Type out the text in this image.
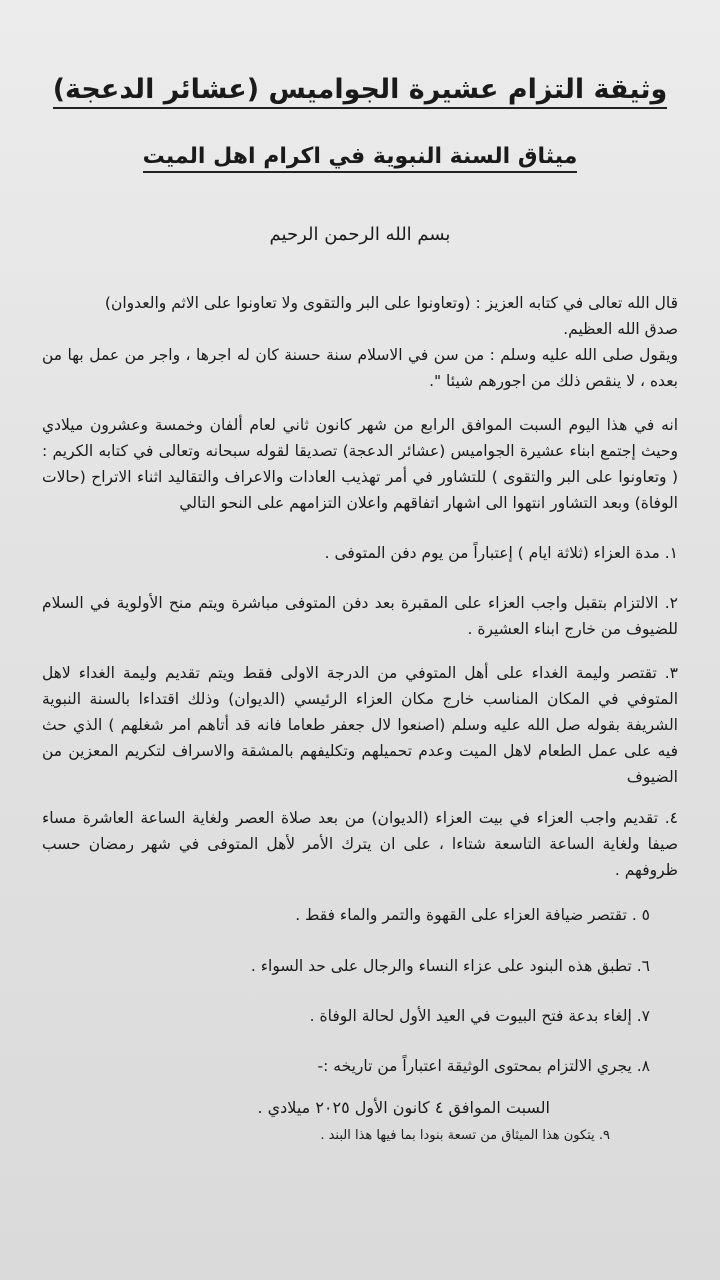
وثيقة التزام عشيرة الجواميس (عشائر الدعجة)
ميثاق السنة النبوية في اكرام اهل الميت
بسم الله الرحمن الرحيم

قال الله تعالى في كتابه العزيز : (وتعاونوا على البر والتقوى ولا تعاونوا على الاثم والعدوان)

صدق الله العظيم.

ويقول صلى الله عليه وسلم : من سن في الاسلام سنة حسنة كان له اجرها ، واجر من عمل بها من بعده ، لا ينقص ذلك من اجورهم شيئا ".

انه في هذا اليوم السبت الموافق الرابع من شهر كانون ثاني لعام ألفان وخمسة وعشرون ميلادي وحيث إجتمع ابناء عشيرة الجواميس (عشائر الدعجة) تصديقا لقوله سبحانه وتعالى في كتابه الكريم : ( وتعاونوا على البر والتقوى ) للتشاور في أمر تهذيب العادات والاعراف والتقاليد اثناء الاتراح (حالات الوفاة) وبعد التشاور انتهوا الى اشهار اتفاقهم واعلان التزامهم على النحو التالي
١. مدة العزاء (ثلاثة ايام ) إعتباراً من يوم دفن المتوفى .
٢. الالتزام بتقبل واجب العزاء على المقبرة بعد دفن المتوفى مباشرة ويتم منح الأولوية في السلام للضيوف من خارج ابناء العشيرة .
٣. تقتصر وليمة الغداء على أهل المتوفي من الدرجة الاولى فقط ويتم تقديم وليمة الغداء لاهل المتوفي في المكان المناسب خارج مكان العزاء الرئيسي (الديوان) وذلك اقتداءا بالسنة النبوية الشريفة بقوله صل الله عليه وسلم (اصنعوا لال جعفر طعاما فانه قد أتاهم امر شغلهم ) الذي حث فيه على عمل الطعام لاهل الميت وعدم تحميلهم وتكليفهم بالمشقة والاسراف لتكريم المعزين من الضيوف
٤. تقديم واجب العزاء في بيت العزاء (الديوان) من بعد صلاة العصر ولغاية الساعة العاشرة مساء صيفا ولغاية الساعة التاسعة شتاءا ، على ان يترك الأمر لأهل المتوفى في شهر رمضان حسب ظروفهم .
٥ . تقتصر ضيافة العزاء على القهوة والتمر والماء فقط .
٦. تطبق هذه البنود على عزاء النساء والرجال على حد السواء .
٧. إلغاء بدعة فتح البيوت في العيد الأول لحالة الوفاة .
٨. يجري الالتزام بمحتوى الوثيقة اعتباراً من تاريخه :-
السبت الموافق ٤ كانون الأول ٢٠٢٥ ميلادي .
٩. يتكون هذا الميثاق من تسعة بنودا بما فيها هذا البند .
